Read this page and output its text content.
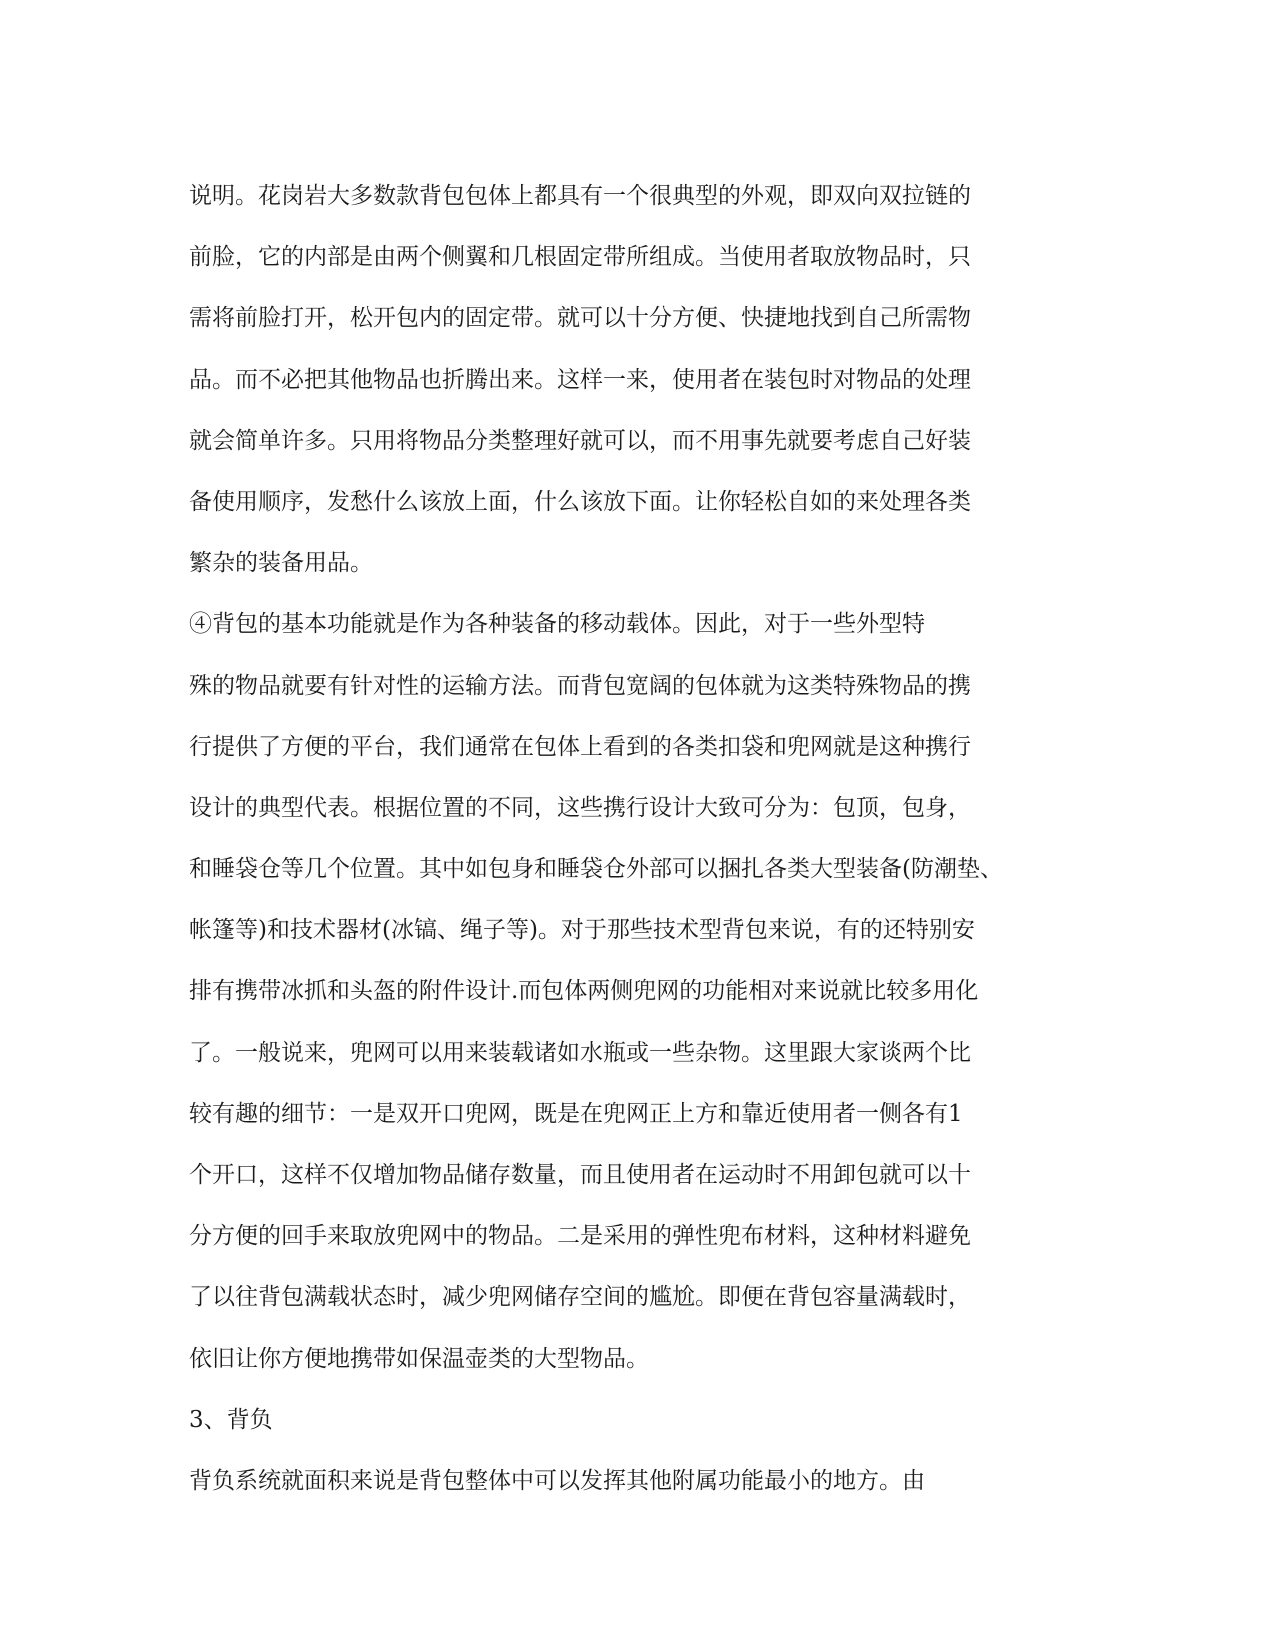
说明。花岗岩大多数款背包包体上都具有一个很典型的外观，即双向双拉链的
前脸，它的内部是由两个侧翼和几根固定带所组成。当使用者取放物品时，只
需将前脸打开，松开包内的固定带。就可以十分方便、快捷地找到自己所需物
品。而不必把其他物品也折腾出来。这样一来，使用者在装包时对物品的处理
就会简单许多。只用将物品分类整理好就可以，而不用事先就要考虑自己好装
备使用顺序，发愁什么该放上面，什么该放下面。让你轻松自如的来处理各类
繁杂的装备用品。
④背包的基本功能就是作为各种装备的移动载体。因此，对于一些外型特
殊的物品就要有针对性的运输方法。而背包宽阔的包体就为这类特殊物品的携
行提供了方便的平台，我们通常在包体上看到的各类扣袋和兜网就是这种携行
设计的典型代表。根据位置的不同，这些携行设计大致可分为：包顶，包身，
和睡袋仓等几个位置。其中如包身和睡袋仓外部可以捆扎各类大型装备(防潮垫、
帐篷等)和技术器材(冰镐、绳子等)。对于那些技术型背包来说，有的还特别安
排有携带冰抓和头盔的附件设计.而包体两侧兜网的功能相对来说就比较多用化
了。一般说来，兜网可以用来装载诸如水瓶或一些杂物。这里跟大家谈两个比
较有趣的细节：一是双开口兜网，既是在兜网正上方和靠近使用者一侧各有1
个开口，这样不仅增加物品储存数量，而且使用者在运动时不用卸包就可以十
分方便的回手来取放兜网中的物品。二是采用的弹性兜布材料，这种材料避免
了以往背包满载状态时，减少兜网储存空间的尴尬。即便在背包容量满载时，
依旧让你方便地携带如保温壶类的大型物品。
3、背负
背负系统就面积来说是背包整体中可以发挥其他附属功能最小的地方。由
